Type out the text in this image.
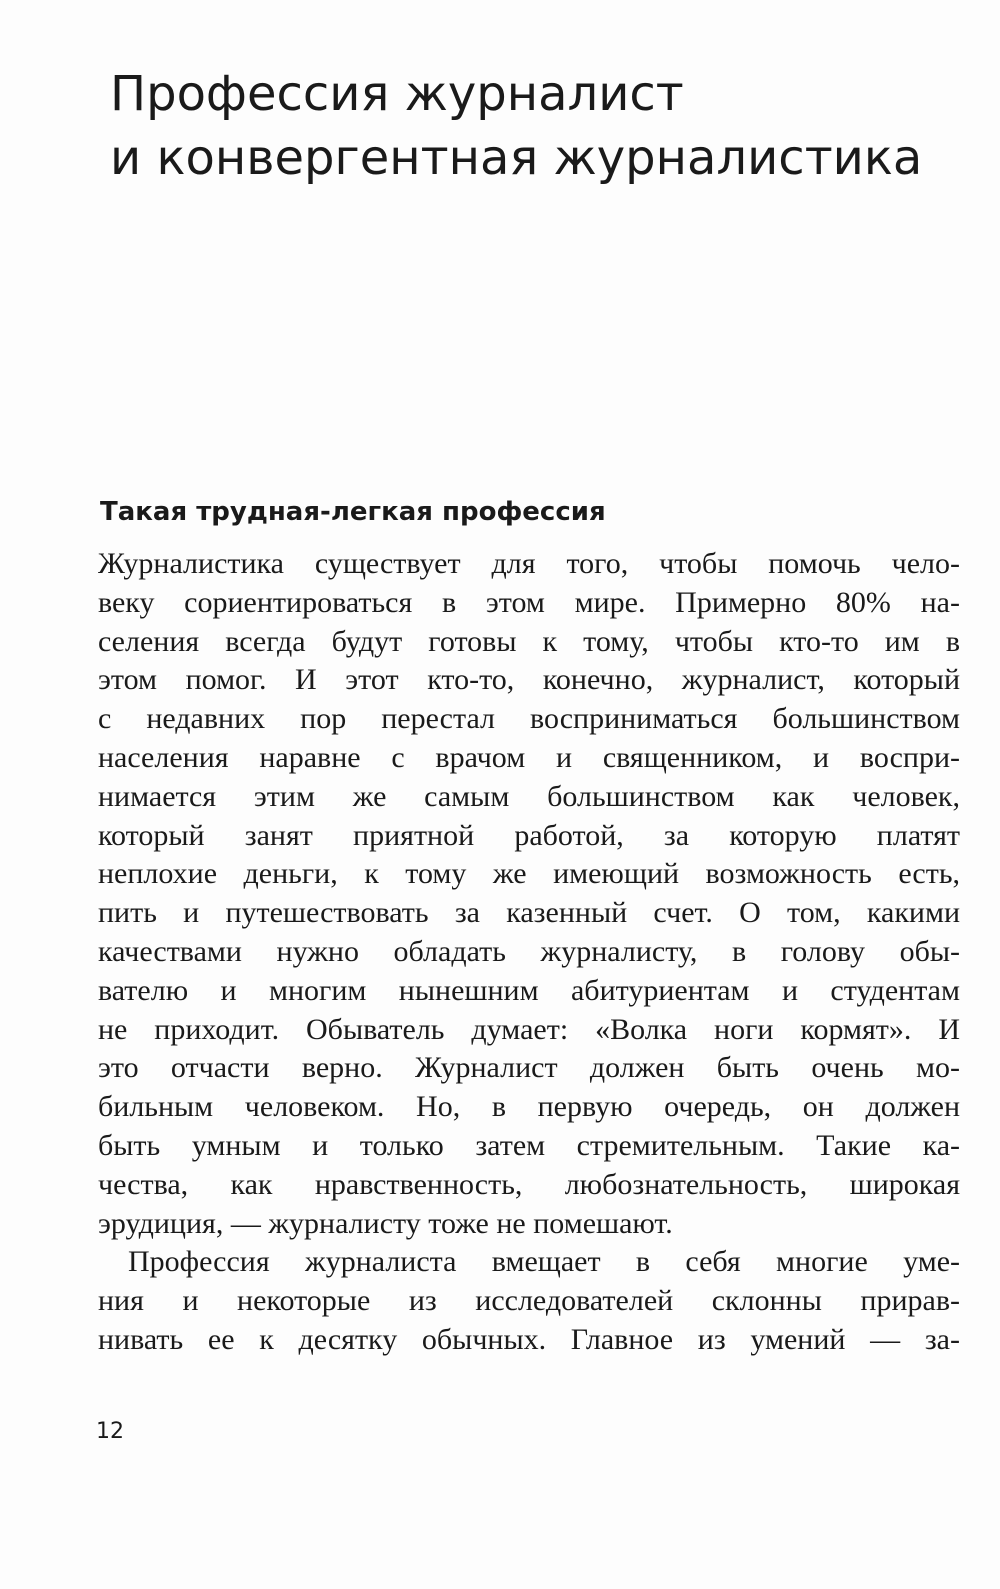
Профессия журналист
и конвергентная журналистика
Такая трудная-легкая профессия
Журналистика существует для того, чтобы помочь чело-
веку сориентироваться в этом мире. Примерно 80% на-
селения всегда будут готовы к тому, чтобы кто-то им в
этом помог. И этот кто-то, конечно, журналист, который
с недавних пор перестал восприниматься большинством
населения наравне с врачом и священником, и воспри-
нимается этим же самым большинством как человек,
который занят приятной работой, за которую платят
неплохие деньги, к тому же имеющий возможность есть,
пить и путешествовать за казенный счет. О том, какими
качествами нужно обладать журналисту, в голову обы-
вателю и многим нынешним абитуриентам и студентам
не приходит. Обыватель думает: «Волка ноги кормят». И
это отчасти верно. Журналист должен быть очень мо-
бильным человеком. Но, в первую очередь, он должен
быть умным и только затем стремительным. Такие ка-
чества, как нравственность, любознательность, широкая
эрудиция, — журналисту тоже не помешают.
Профессия журналиста вмещает в себя многие уме-
ния и некоторые из исследователей склонны прирав-
нивать ее к десятку обычных. Главное из умений — за-
12
